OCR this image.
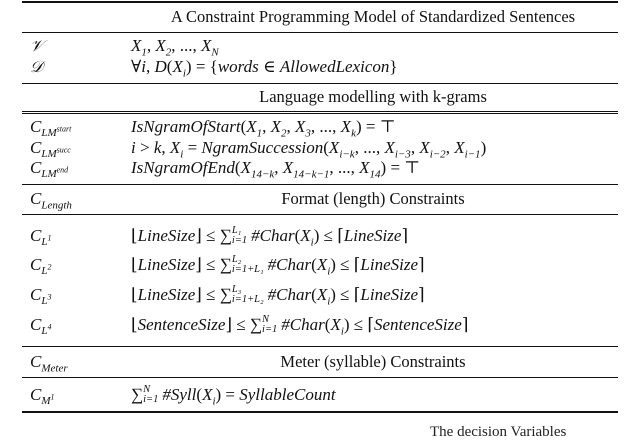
A Constraint Programming Model of Standardized Sentences
𝒱	$X_1$, $X_2$, ..., $X_N$
𝒟	∀i, $D(X_i)$ = {words ∈ AllowedLexicon}
Language modelling with k-grams
$C_{LM^{start}}$	$IsNgramOfStart(X_1$, $X_2$, $X_3$, ..., $X_k$) = ⊤
$C_{LM^{succ}}$	i > k, $X_i$ = $NgramSuccession(X_{i-k}$, ..., $X_{i-3}$, $X_{i-2}$, $X_{i-1}$)
$C_{LM^{end}}$	$IsNgramOfEnd(X_{14-k}$, $X_{14-k-1}$, ..., $X_{14}$) = ⊤
$C_{Length}$	Format (length) Constraints
$C_{L^1}$	⌊LineSize⌋ ≤ ∑ L₁
i=1 $\#Char(X_i)$ ≤ ⌈LineSize⌉
$C_{L^2}$	⌊LineSize⌋ ≤ ∑ L₂
i=1+L₁ $\#Char(X_i)$ ≤ ⌈LineSize⌉
$C_{L^3}$	⌊LineSize⌋ ≤ ∑ L₃
i=1+L₂ $\#Char(X_i)$ ≤ ⌈LineSize⌉
$C_{L^4}$	⌊SentenceSize⌋ ≤ ∑ N
i=1 $\#Char(X_i)$ ≤ ⌈SentenceSize⌉
$C_{Meter}$	Meter (syllable) Constraints
$C_{M^1}$	∑ N
i=1 $\#Syll(X_i)$ = SyllableCount
The decision Variables
